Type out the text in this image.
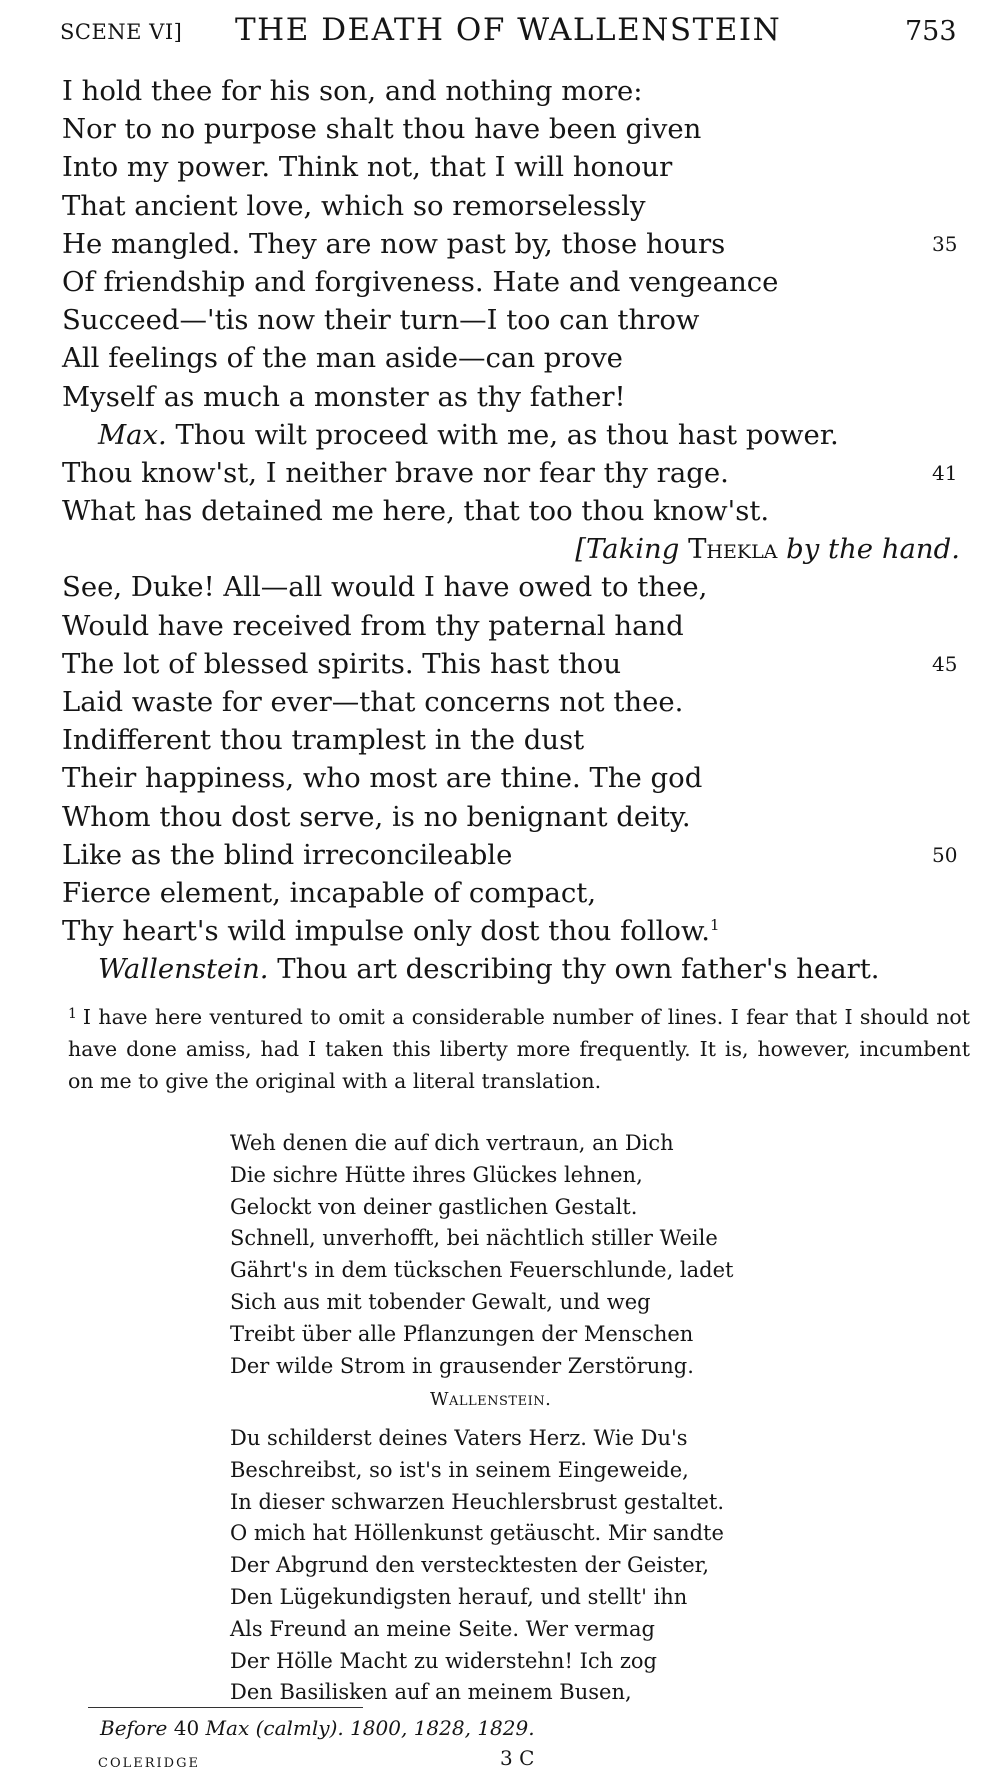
SCENE VI] THE DEATH OF WALLENSTEIN	753
I hold thee for his son, and nothing more:
Nor to no purpose shalt thou have been given
Into my power. Think not, that I will honour
That ancient love, which so remorselessly
He mangled. They are now past by, those hours	35
Of friendship and forgiveness. Hate and vengeance
Succeed—'tis now their turn—I too can throw
All feelings of the man aside—can prove
Myself as much a monster as thy father!
Max. Thou wilt proceed with me, as thou hast power.
Thou know'st, I neither brave nor fear thy rage.	41
What has detained me here, that too thou know'st.
[Taking Thekla by the hand.
See, Duke! All—all would I have owed to thee,
Would have received from thy paternal hand
The lot of blessed spirits. This hast thou	45
Laid waste for ever—that concerns not thee.
Indifferent thou tramplest in the dust
Their happiness, who most are thine. The god
Whom thou dost serve, is no benignant deity.
Like as the blind irreconcileable	50
Fierce element, incapable of compact,
Thy heart's wild impulse only dost thou follow.$^1$
Wallenstein. Thou art describing thy own father's heart.
$^1$ I have here ventured to omit a considerable number of lines. I fear that I should not have done amiss, had I taken this liberty more frequently. It is, however, incumbent on me to give the original with a literal translation.
Weh denen die auf dich vertraun, an Dich
Die sichre Hütte ihres Glückes lehnen,
Gelockt von deiner gastlichen Gestalt.
Schnell, unverhofft, bei nächtlich stiller Weile
Gährt's in dem tückschen Feuerschlunde, ladet
Sich aus mit tobender Gewalt, und weg
Treibt über alle Pflanzungen der Menschen
Der wilde Strom in grausender Zerstörung.
Wallenstein.
Du schilderst deines Vaters Herz. Wie Du's
Beschreibst, so ist's in seinem Eingeweide,
In dieser schwarzen Heuchlersbrust gestaltet.
O mich hat Höllenkunst getäuscht. Mir sandte
Der Abgrund den verstecktesten der Geister,
Den Lügekundigsten herauf, und stellt' ihn
Als Freund an meine Seite. Wer vermag
Der Hölle Macht zu widerstehn! Ich zog
Den Basilisken auf an meinem Busen,
Before 40 Max (calmly). 1800, 1828, 1829.
COLERIDGE	3 C
